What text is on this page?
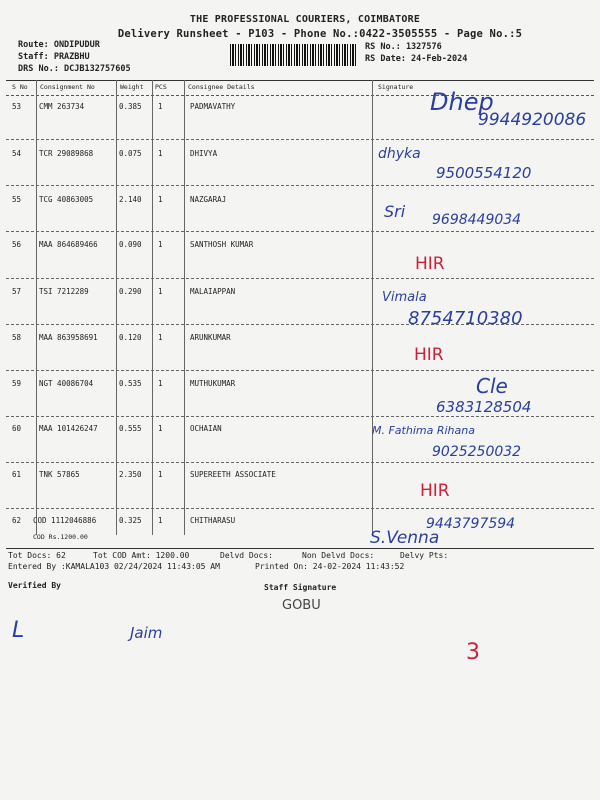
THE PROFESSIONAL COURIERS, COIMBATORE
Delivery Runsheet - P103 - Phone No.:0422-3505555 - Page No.:5
Route: ONDIPUDUR
Staff: PRAZBHU
DRS No.: DCJB132757605
RS No.: 1327576
RS Date: 24-Feb-2024
S No Consignment No	Weight PCS	Consignee Details	Signature
53 CMM 263734	0.385 1	PADMAVATHY	Dhep
9944920086
54 TCR 29089868	0.075 1	DHIVYA	dhyka
9500554120
55 TCG 40863005	2.140 1	NAZGARAJ
Sri 9698449034
56 MAA 864689466	0.090 1	SANTHOSH KUMAR
HIR
57 TSI 7212289	0.290 1	MALAIAPPAN	Vimala
8754710380
58 MAA 863958691	0.120 1	ARUNKUMAR
HIR
59 NGT 40086704	0.535 1	MUTHUKUMAR	Cle
6383128504
60 MAA 101426247	0.555 1	OCHAIAN	M. Fathima Rihana
9025250032
61 TNK 57865	2.350 1	SUPEREETH ASSOCIATE
HIR
62 COD 1112046886	0.325 1	CHITHARASU
COD Rs.1200.00
9443797594
S.Venna
Tot Docs: 62	Tot COD Amt: 1200.00	Delvd Docs:	Non Delvd Docs:	Delvy Pts:
Entered By :KAMALA103 02/24/2024 11:43:05 AM	Printed On: 24-02-2024 11:43:52
Verified By	Staff Signature
GOBU
L	Jaim
3
